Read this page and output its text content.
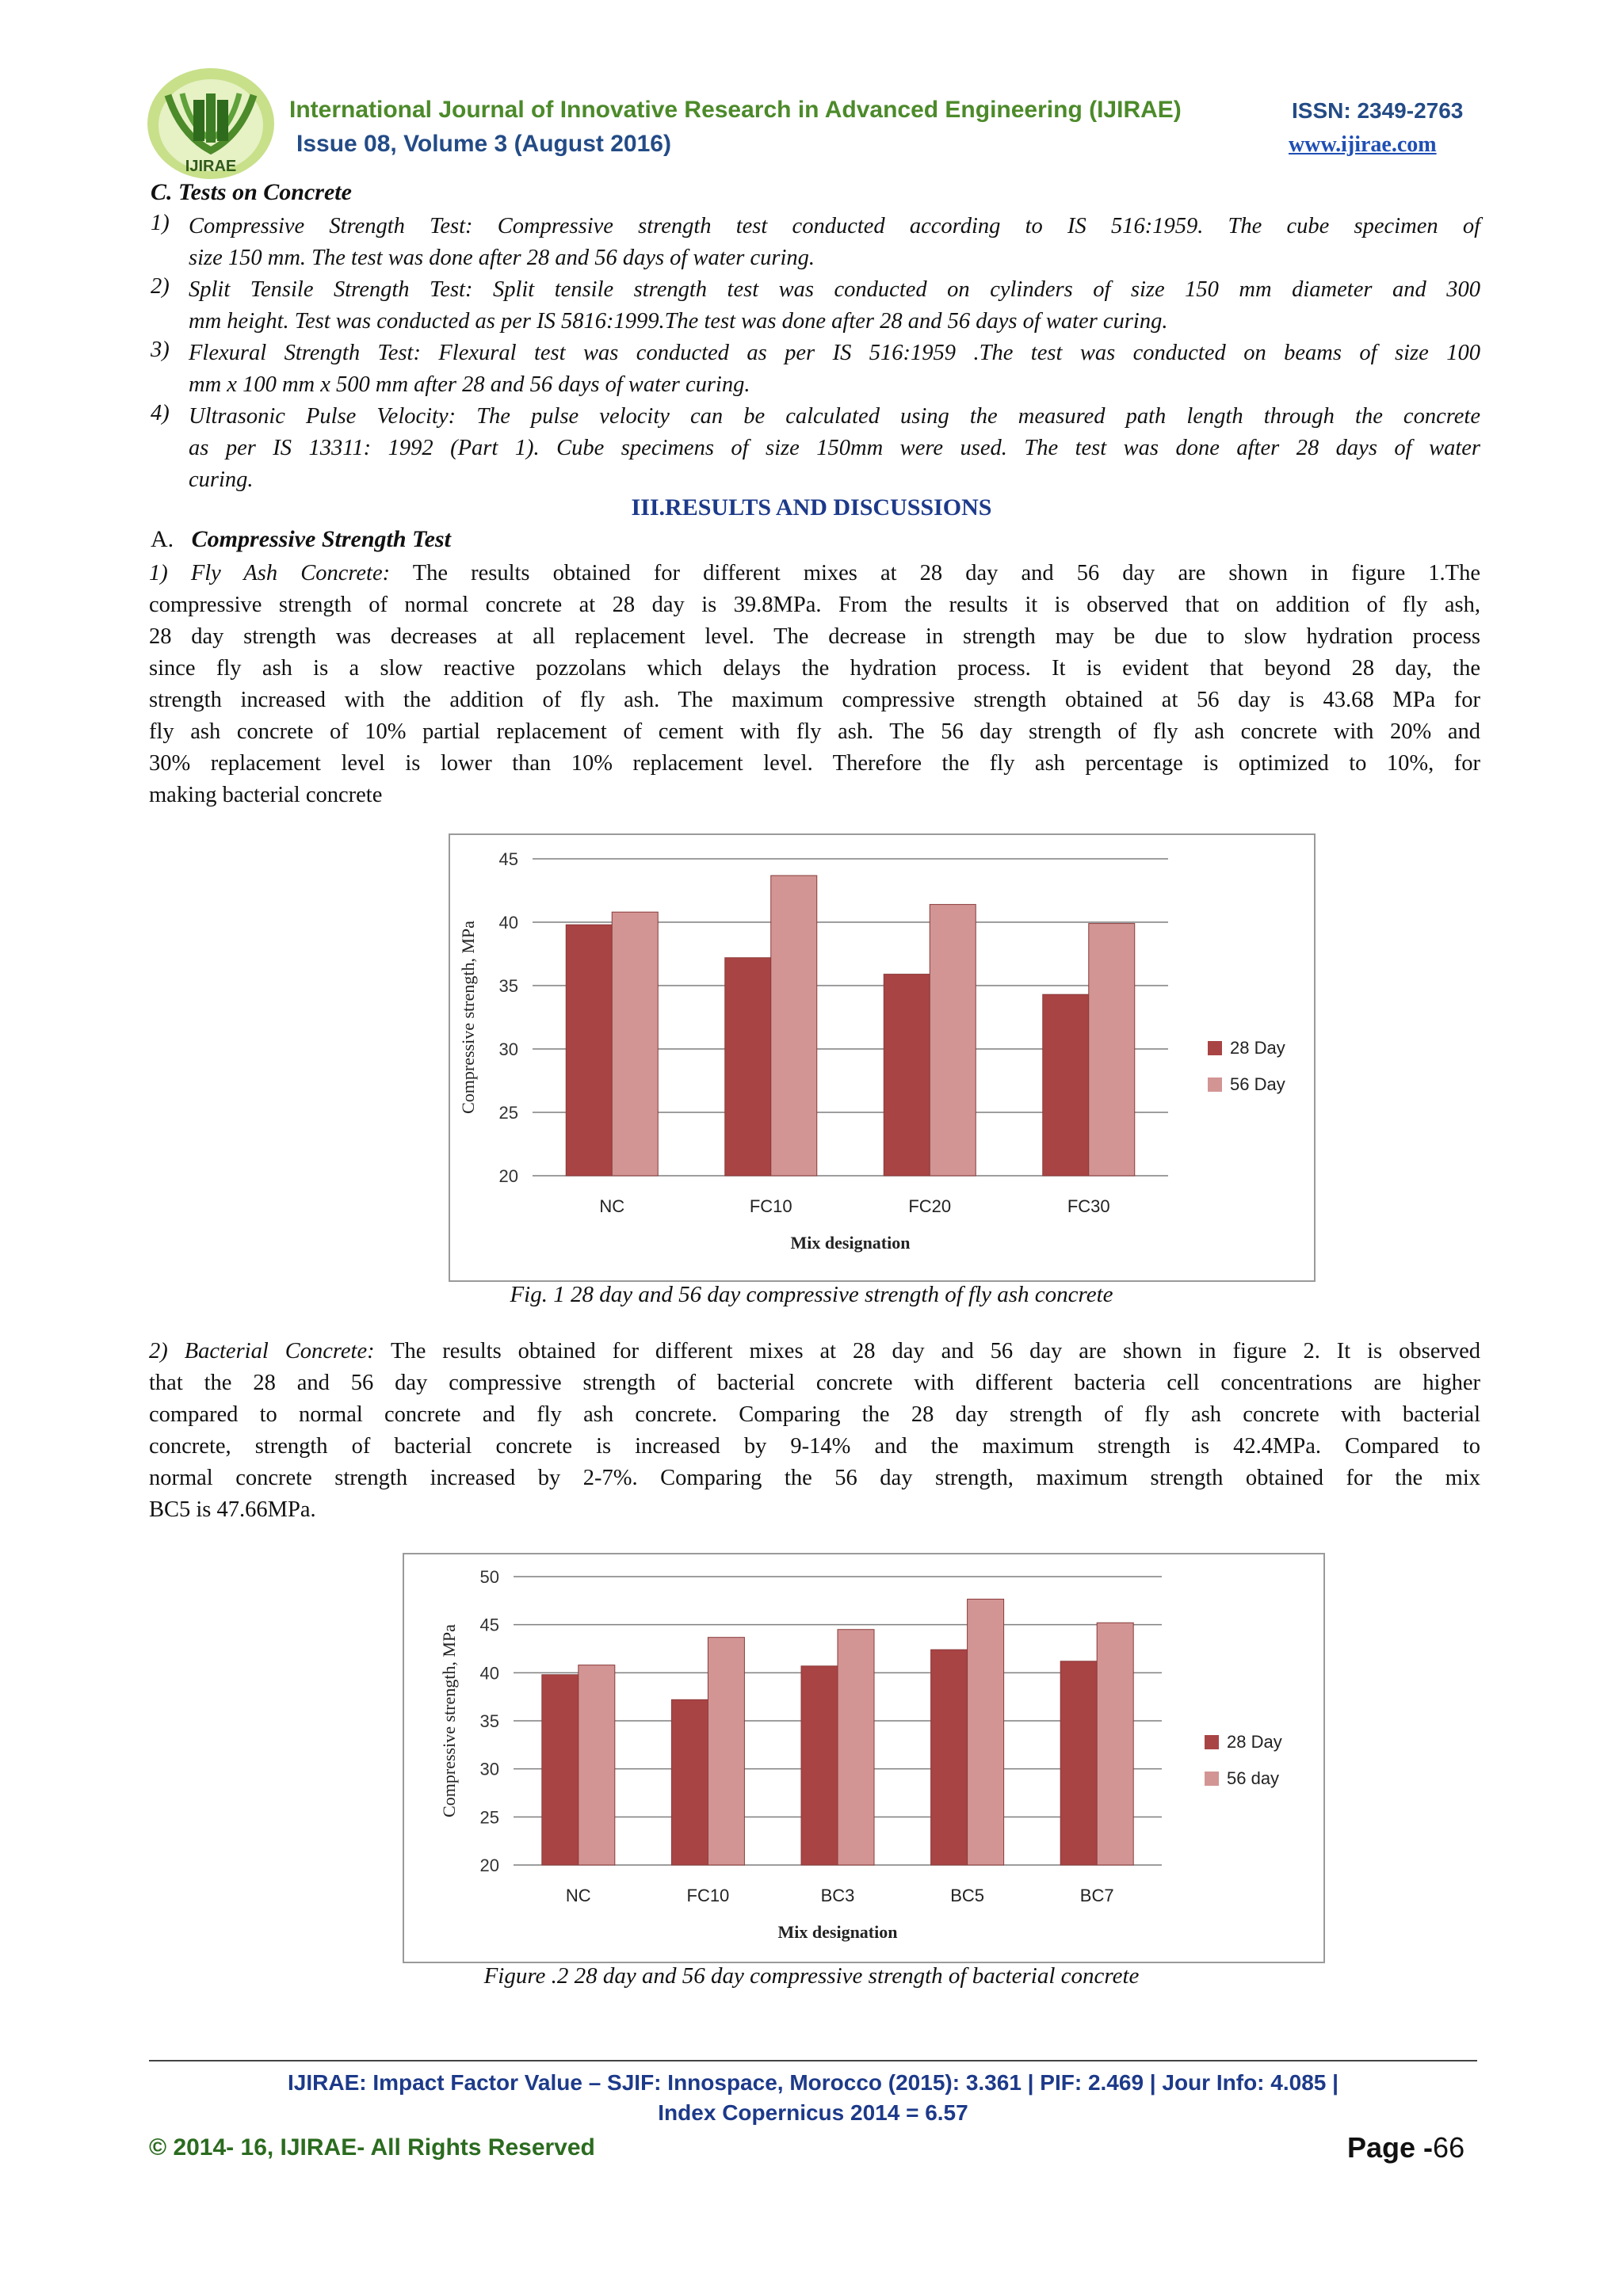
IJIRAE
International Journal of Innovative Research in Advanced Engineering (IJIRAE)	ISSN: 2349-2763
Issue 08, Volume 3 (August 2016)	www.ijirae.com
C. Tests on Concrete
1) Compressive Strength Test: Compressive strength test conducted according to IS 516:1959. The cube specimen of
size 150 mm. The test was done after 28 and 56 days of water curing.
2) Split Tensile Strength Test: Split tensile strength test was conducted on cylinders of size 150 mm diameter and 300
mm height. Test was conducted as per IS 5816:1999.The test was done after 28 and 56 days of water curing.
3) Flexural Strength Test: Flexural test was conducted as per IS 516:1959 .The test was conducted on beams of size 100
mm x 100 mm x 500 mm after 28 and 56 days of water curing.
4) Ultrasonic Pulse Velocity: The pulse velocity can be calculated using the measured path length through the concrete
as per IS 13311: 1992 (Part 1). Cube specimens of size 150mm were used. The test was done after 28 days of water
curing.
III.RESULTS AND DISCUSSIONS
A. Compressive Strength Test
1) Fly Ash Concrete: The results obtained for different mixes at 28 day and 56 day are shown in figure 1.The
compressive strength of normal concrete at 28 day is 39.8MPa. From the results it is observed that on addition of fly ash,
28 day strength was decreases at all replacement level. The decrease in strength may be due to slow hydration process
since fly ash is a slow reactive pozzolans which delays the hydration process. It is evident that beyond 28 day, the
strength increased with the addition of fly ash. The maximum compressive strength obtained at 56 day is 43.68 MPa for
fly ash concrete of 10% partial replacement of cement with fly ash. The 56 day strength of fly ash concrete with 20% and
30% replacement level is lower than 10% replacement level. Therefore the fly ash percentage is optimized to 10%, for
making bacterial concrete
20
25
30
35
40
45
NC	FC10	FC20	FC30
Mix designation
Compressive strength, MPa	28 Day
56 Day
Fig. 1 28 day and 56 day compressive strength of fly ash concrete
2) Bacterial Concrete: The results obtained for different mixes at 28 day and 56 day are shown in figure 2. It is observed
that the 28 and 56 day compressive strength of bacterial concrete with different bacteria cell concentrations are higher
compared to normal concrete and fly ash concrete. Comparing the 28 day strength of fly ash concrete with bacterial
concrete, strength of bacterial concrete is increased by 9-14% and the maximum strength is 42.4MPa. Compared to
normal concrete strength increased by 2-7%. Comparing the 56 day strength, maximum strength obtained for the mix
BC5 is 47.66MPa.
20
25
30
35
40
45
50
NC	FC10	BC3	BC5	BC7
Mix designation
Compressive strength, MPa	28 Day
56 day
Figure .2 28 day and 56 day compressive strength of bacterial concrete
IJIRAE: Impact Factor Value – SJIF: Innospace, Morocco (2015): 3.361 | PIF: 2.469 | Jour Info: 4.085 |
Index Copernicus 2014 = 6.57
© 2014- 16, IJIRAE- All Rights Reserved	Page -66
